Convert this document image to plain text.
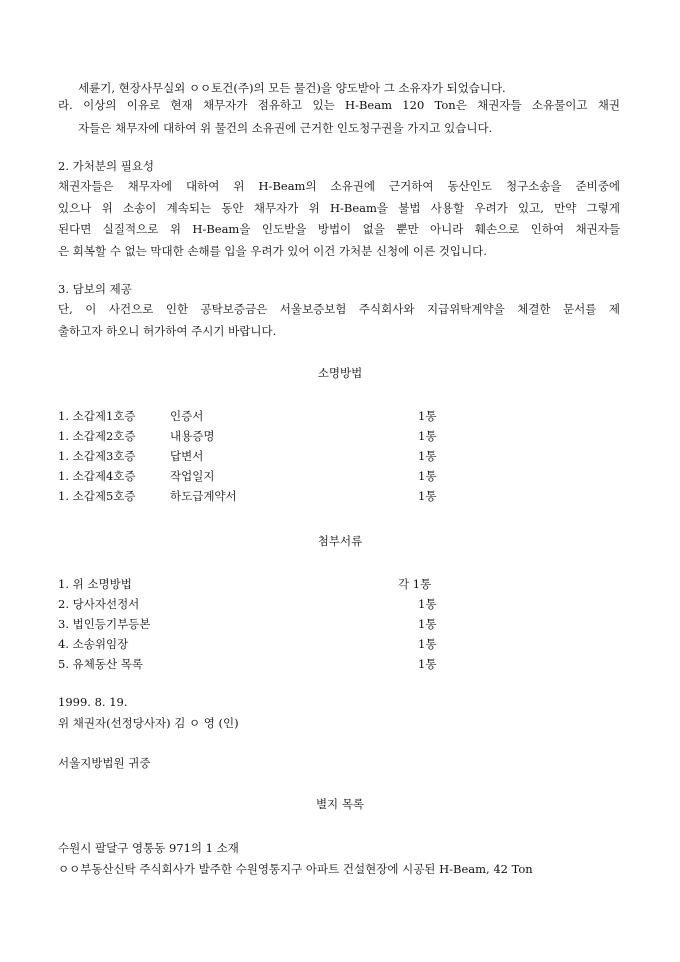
세륜기, 현장사무실외 ㅇㅇ토건(주)의 모든 물건)을 양도받아 그 소유자가 되었습니다.
라. 이상의 이유로 현재 채무자가 점유하고 있는 H-Beam 120 Ton은 채권자들 소유물이고 채권
자들은 채무자에 대하여 위 물건의 소유권에 근거한 인도청구권을 가지고 있습니다.
2. 가처분의 필요성
채권자들은 채무자에 대하여 위 H-Beam의 소유권에 근거하여 동산인도 청구소송을 준비중에
있으나 위 소송이 계속되는 동안 채무자가 위 H-Beam을 불법 사용할 우려가 있고, 만약 그렇게
된다면 실질적으로 위 H-Beam을 인도받을 방법이 없을 뿐만 아니라 훼손으로 인하여 채권자들
은 회복할 수 없는 막대한 손해를 입을 우려가 있어 이건 가처분 신청에 이른 것입니다.
3. 담보의 제공
단, 이 사건으로 인한 공탁보증금은 서울보증보험 주식회사와 지급위탁계약을 체결한 문서를 제
출하고자 하오니 허가하여 주시기 바랍니다.
소명방법
1. 소갑제1호증	인증서	1통
1. 소갑제2호증	내용증명	1통
1. 소갑제3호증	답변서	1통
1. 소갑제4호증	작업일지	1통
1. 소갑제5호증	하도급계약서	1통
첨부서류
1. 위 소명방법	각 1통
2. 당사자선정서	1통
3. 법인등기부등본	1통
4. 소송위임장	1통
5. 유체동산 목록	1통
1999. 8. 19.
위 채권자(선정당사자) 김 ㅇ 영 (인)
서울지방법원 귀중
별지 목록
수원시 팔달구 영통동 971의 1 소재
ㅇㅇ부동산신탁 주식회사가 발주한 수원영통지구 아파트 건설현장에 시공된 H-Beam, 42 Ton
